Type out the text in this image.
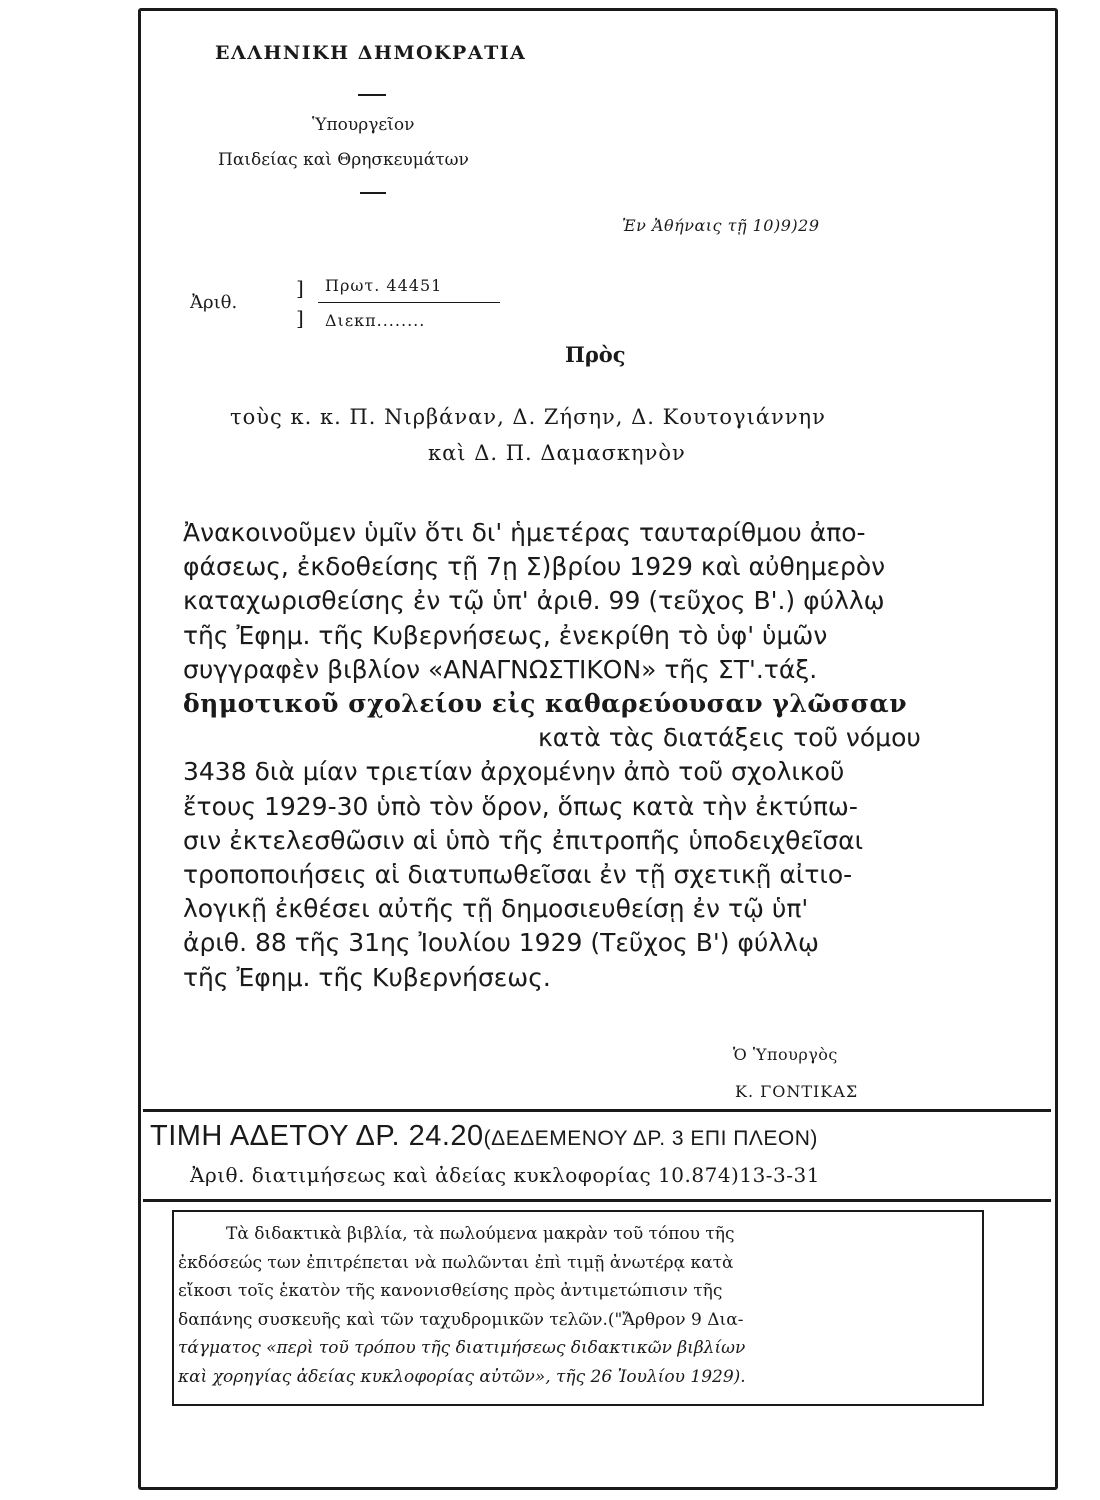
ΕΛΛΗΝΙΚΗ ΔΗΜΟΚΡΑΤΙΑ
Ὑπουργεῖον
Παιδείας καὶ Θρησκευμάτων
Ἐν Ἀθήναις τῇ 10)9)29
Ἀριθ.
]
]
Πρωτ. 44451
Διεκπ........
Πρὸς
τοὺς κ. κ. Π. Νιρβάναν, Δ. Ζήσην, Δ. Κουτογιάννην
καὶ Δ. Π. Δαμασκηνὸν
Ἀνακοινοῦμεν ὑμῖν ὅτι δι' ἡμετέρας ταυταρίθμου ἀπο-
φάσεως, ἐκδοθείσης τῇ 7ῃ Σ)βρίου 1929 καὶ αὐθημερὸν
καταχωρισθείσης ἐν τῷ ὑπ' ἀριθ. 99 (τεῦχος Β'.) φύλλῳ
τῆς Ἐφημ. τῆς Κυβερνήσεως, ἐνεκρίθη τὸ ὑφ' ὑμῶν
συγγραφὲν βιβλίον «ΑΝΑΓΝΩΣΤΙΚΟΝ» τῆς ΣΤ'.τάξ.
δημοτικοῦ σχολείου εἰς καθαρεύουσαν γλῶσσαν
κατὰ τὰς διατάξεις τοῦ νόμου
3438 διὰ μίαν τριετίαν ἀρχομένην ἀπὸ τοῦ σχολικοῦ
ἔτους 1929-30 ὑπὸ τὸν ὅρον, ὅπως κατὰ τὴν ἐκτύπω-
σιν ἐκτελεσθῶσιν αἱ ὑπὸ τῆς ἐπιτροπῆς ὑποδειχθεῖσαι
τροποποιήσεις αἱ διατυπωθεῖσαι ἐν τῇ σχετικῇ αἰτιο-
λογικῇ ἐκθέσει αὐτῆς τῇ δημοσιευθείσῃ ἐν τῷ ὑπ'
ἀριθ. 88 τῆς 31ης Ἰουλίου 1929 (Τεῦχος Β') φύλλῳ
τῆς Ἐφημ. τῆς Κυβερνήσεως.
Ὁ Ὑπουργὸς
Κ. ΓΟΝΤΙΚΑΣ
ΤΙΜΗ ΑΔΕΤΟΥ ΔΡ. 24.20(ΔΕΔΕΜΕΝΟΥ ΔΡ. 3 ΕΠΙ ΠΛΕΟΝ)
Ἀριθ. διατιμήσεως καὶ ἀδείας κυκλοφορίας 10.874)13-3-31
Τὰ διδακτικὰ βιβλία, τὰ πωλούμενα μακρὰν τοῦ τόπου τῆς
ἐκδόσεώς των ἐπιτρέπεται νὰ πωλῶνται ἐπὶ τιμῇ ἀνωτέρᾳ κατὰ
εἴκοσι τοῖς ἑκατὸν τῆς κανονισθείσης πρὸς ἀντιμετώπισιν τῆς
δαπάνης συσκευῆς καὶ τῶν ταχυδρομικῶν τελῶν.("Ἄρθρον 9 Δια-
τάγματος «περὶ τοῦ τρόπου τῆς διατιμήσεως διδακτικῶν βιβλίων
καὶ χορηγίας ἀδείας κυκλοφορίας αὐτῶν», τῆς 26 Ἰουλίου 1929).
